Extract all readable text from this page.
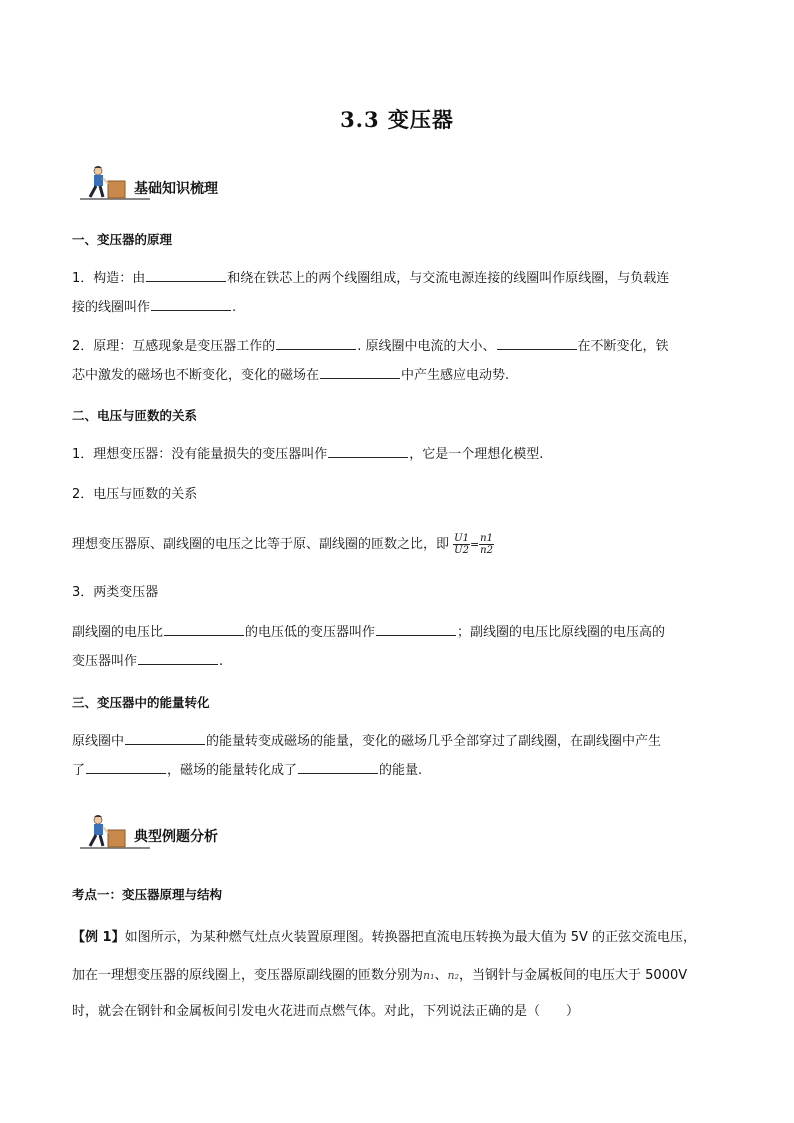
3.3 变压器
基础知识梳理
一、变压器的原理
1．构造：由	和绕在铁芯上的两个线圈组成，与交流电源连接的线圈叫作原线圈，与负载连
接的线圈叫作	.
2．原理：互感现象是变压器工作的	. 原线圈中电流的大小、	在不断变化，铁
芯中激发的磁场也不断变化，变化的磁场在	中产生感应电动势.
二、电压与匝数的关系
1．理想变压器：没有能量损失的变压器叫作	，它是一个理想化模型.
2．电压与匝数的关系
理想变压器原、副线圈的电压之比等于原、副线圈的匝数之比，即 $\frac{U1}{U2} = \frac{n1}{n2}$
3．两类变压器
副线圈的电压比	的电压低的变压器叫作	；副线圈的电压比原线圈的电压高的
变压器叫作	.
三、变压器中的能量转化
原线圈中	的能量转变成磁场的能量，变化的磁场几乎全部穿过了副线圈，在副线圈中产生
了	，磁场的能量转化成了	的能量.
典型例题分析
考点一：变压器原理与结构
【例 1】如图所示，为某种燃气灶点火装置原理图。转换器把直流电压转换为最大值为 5V 的正弦交流电压，
加在一理想变压器的原线圈上，变压器原副线圈的匝数分别为n₁、n₂，当钢针与金属板间的电压大于 5000V
时，就会在钢针和金属板间引发电火花进而点燃气体。对此，下列说法正确的是（　　）
